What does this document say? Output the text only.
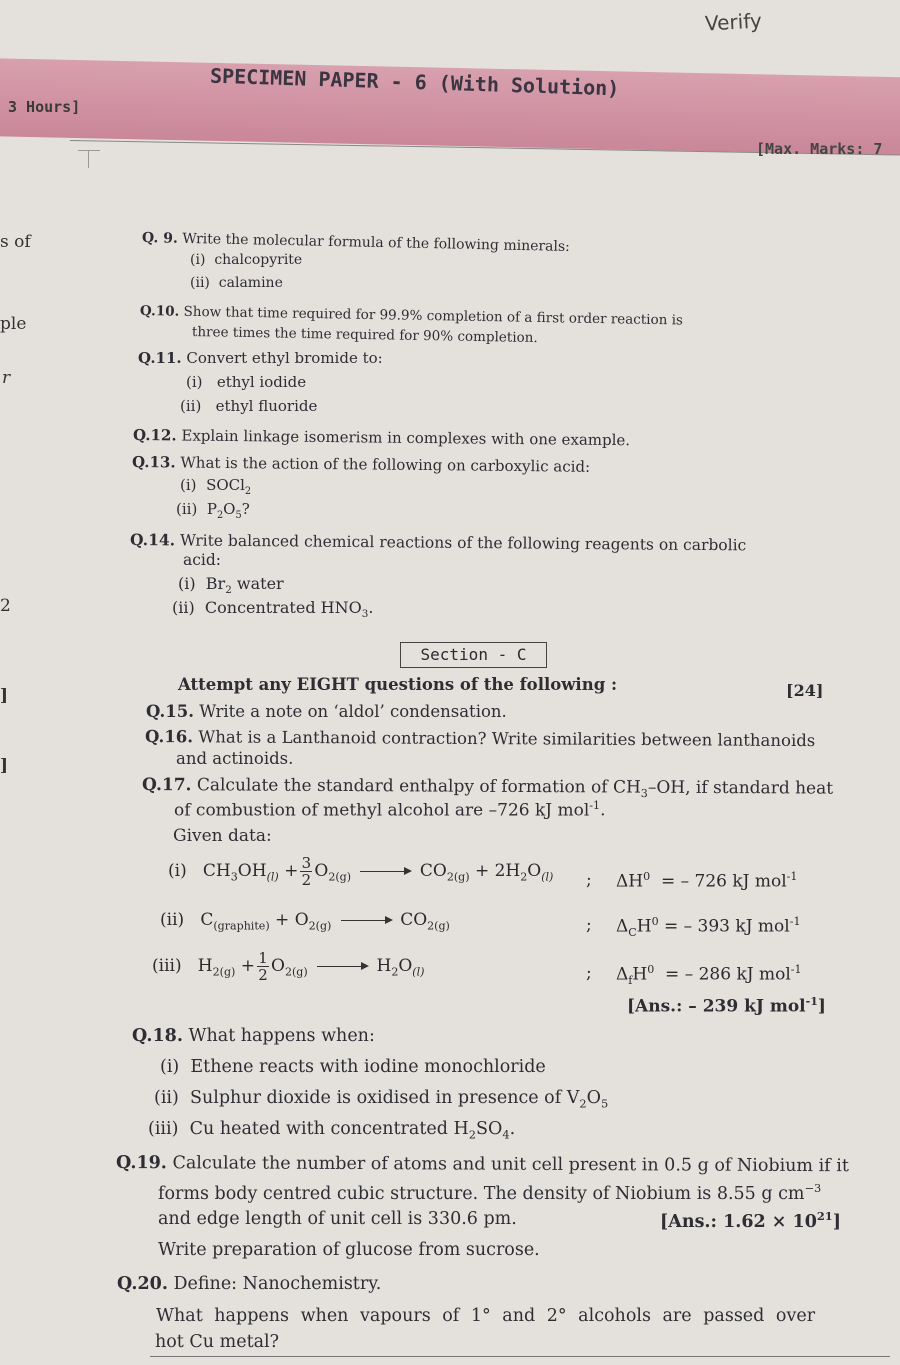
Verify
SPECIMEN PAPER - 6 (With Solution)
3 Hours]
[Max. Marks: 7
s of
ple
r
2
]
]
Q. 9. Write the molecular formula of the following minerals:
(i) chalcopyrite
(ii) calamine
Q.10. Show that time required for 99.9% completion of a first order reaction is
three times the time required for 90% completion.
Q.11. Convert ethyl bromide to:
(i) ethyl iodide
(ii) ethyl fluoride
Q.12. Explain linkage isomerism in complexes with one example.
Q.13. What is the action of the following on carboxylic acid:
(i) SOCl$_2$
(ii) $P_2O_5$?
Q.14. Write balanced chemical reactions of the following reagents on carbolic
acid:
(i) $Br_2$ water
(ii) Concentrated $HNO_3$.
Section - C
Attempt any EIGHT questions of the following :	[24]
Q.15. Write a note on ‘aldol’ condensation.
Q.16. What is a Lanthanoid contraction? Write similarities between lanthanoids
and actinoids.
Q.17. Calculate the standard enthalpy of formation of $CH_3-OH$, if standard heat
of combustion of methyl alcohol are –726 kJ mol$^{-1}$.
Given data:
(i) $CH_3OH_{(l)} + \frac{3}{2} O_{2(g)} \to CO_{2(g)} + 2H_2O_{(l)}$ ; $\Delta H^0$ = – 726 kJ mol$^{-1}$
(ii) $C_{(graphite)} + O_{2(g)} \to CO_{2(g)}$	; $\Delta_CH^0$ = – 393 kJ mol$^{-1}$
(iii) $H_{2(g)} + \frac{1}{2} O_{2(g)} \to H_2O_{(l)}$	; $\Delta_fH^0$ = – 286 kJ mol$^{-1}$
[Ans.: – 239 kJ mol$^{-1}$]
Q.18. What happens when:
(i) Ethene reacts with iodine monochloride
(ii) Sulphur dioxide is oxidised in presence of $V_2O_5$
(iii) Cu heated with concentrated $H_2SO_4$.
Q.19. Calculate the number of atoms and unit cell present in 0.5 g of Niobium if it
forms body centred cubic structure. The density of Niobium is 8.55 g $cm^{-3}$
and edge length of unit cell is 330.6 pm.	[Ans.: $1.62 \times 10^{21}$]
Write preparation of glucose from sucrose.
Q.20. Define: Nanochemistry.
What happens when vapours of 1° and 2° alcohols are passed over
hot Cu metal?
